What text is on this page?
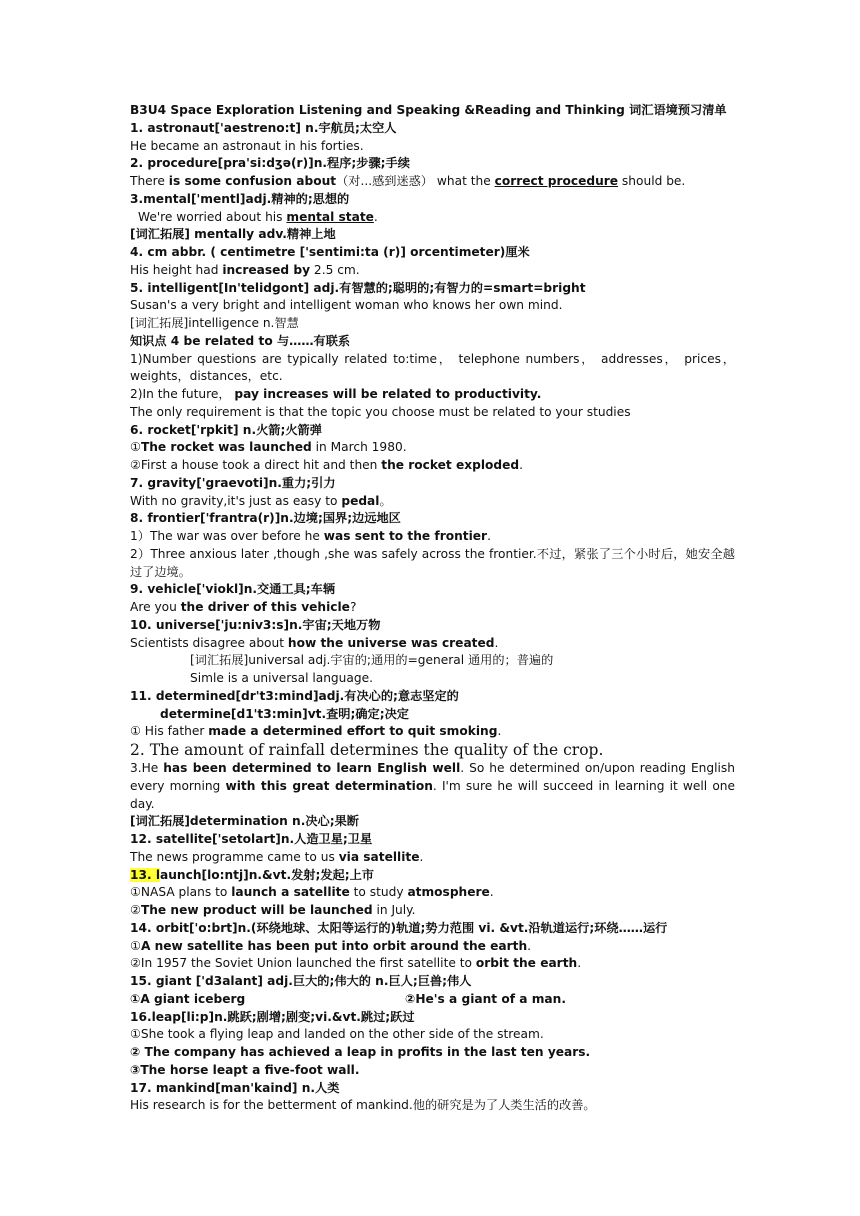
B3U4 Space Exploration Listening and Speaking &Reading and Thinking 词汇语境预习清单
1. astronaut['aestreno:t] n.宇航员;太空人
He became an astronaut in his forties.
2. procedure[pra'si:dʒə(r)]n.程序;步骤;手续
There is some confusion about（对...感到迷惑） what the correct procedure should be.
3.mental['mentl]adj.精神的;思想的
We're worried about his mental state.
[词汇拓展] mentally adv.精神上地
4. cm abbr. ( centimetre ['sentimi:ta (r)] orcentimeter)厘米
His height had increased by 2.5 cm.
5. intelligent[In'telidgont] adj.有智慧的;聪明的;有智力的=smart=bright
Susan's a very bright and intelligent woman who knows her own mind.
[词汇拓展]intelligence n.智慧
知识点 4 be related to 与……有联系
1)Number questions are typically related to:time， telephone numbers， addresses， prices， weights，distances，etc.
2)In the future， pay increases will be related to productivity.
The only requirement is that the topic you choose must be related to your studies
6. rocket['rpkit] n.火箭;火箭弹
①The rocket was launched in March 1980.
②First a house took a direct hit and then the rocket exploded.
7. gravity['graevoti]n.重力;引力
With no gravity,it's just as easy to pedal。
8. frontier['frantra(r)]n.边境;国界;边远地区
1）The war was over before he was sent to the frontier.
2）Three anxious later ,though ,she was safely across the frontier.不过，紧张了三个小时后，她安全越过了边境。
9. vehicle['viokl]n.交通工具;车辆
Are you the driver of this vehicle?
10. universe['ju:niv3:s]n.宇宙;天地万物
Scientists disagree about how the universe was created.
[词汇拓展]universal adj.宇宙的;通用的=general 通用的；普遍的
Simle is a universal language.
11. determined[dr't3:mind]adj.有决心的;意志坚定的
determine[d1't3:min]vt.查明;确定;决定
① His father made a determined effort to quit smoking.
2. The amount of rainfall determines the quality of the crop.
3.He has been determined to learn English well. So he determined on/upon reading English every morning with this great determination. I'm sure he will succeed in learning it well one day.
[词汇拓展]determination n.决心;果断
12. satellite['setolart]n.人造卫星;卫星
The news programme came to us via satellite.
13. launch[lo:ntj]n.&vt.发射;发起;上市
①NASA plans to launch a satellite to study atmosphere.
②The new product will be launched in July.
14. orbit['o:brt]n.(环绕地球、太阳等运行的)轨道;势力范围 vi. &vt.沿轨道运行;环绕……运行
①A new satellite has been put into orbit around the earth.
②In 1957 the Soviet Union launched the first satellite to orbit the earth.
15. giant ['d3alant] adj.巨大的;伟大的 n.巨人;巨兽;伟人
①A giant iceberg	②He's a giant of a man.
16.leap[li:p]n.跳跃;剧增;剧变;vi.&vt.跳过;跃过
①She took a flying leap and landed on the other side of the stream.
② The company has achieved a leap in profits in the last ten years.
③The horse leapt a five-foot wall.
17. mankind[man'kaind] n.人类
His research is for the betterment of mankind.他的研究是为了人类生活的改善。
